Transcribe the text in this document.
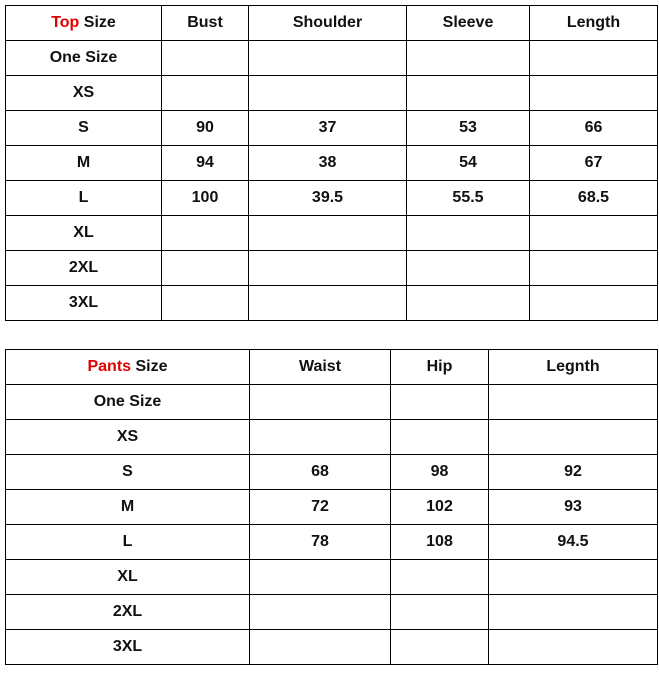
Top Size	Bust	Shoulder	Sleeve	Length
One Size				
XS				
S	90	37	53	66
M	94	38	54	67
L	100	39.5	55.5	68.5
XL				
2XL				
3XL				
Pants Size	Waist	Hip	Legnth
One Size			
XS			
S	68	98	92
M	72	102	93
L	78	108	94.5
XL			
2XL			
3XL			
